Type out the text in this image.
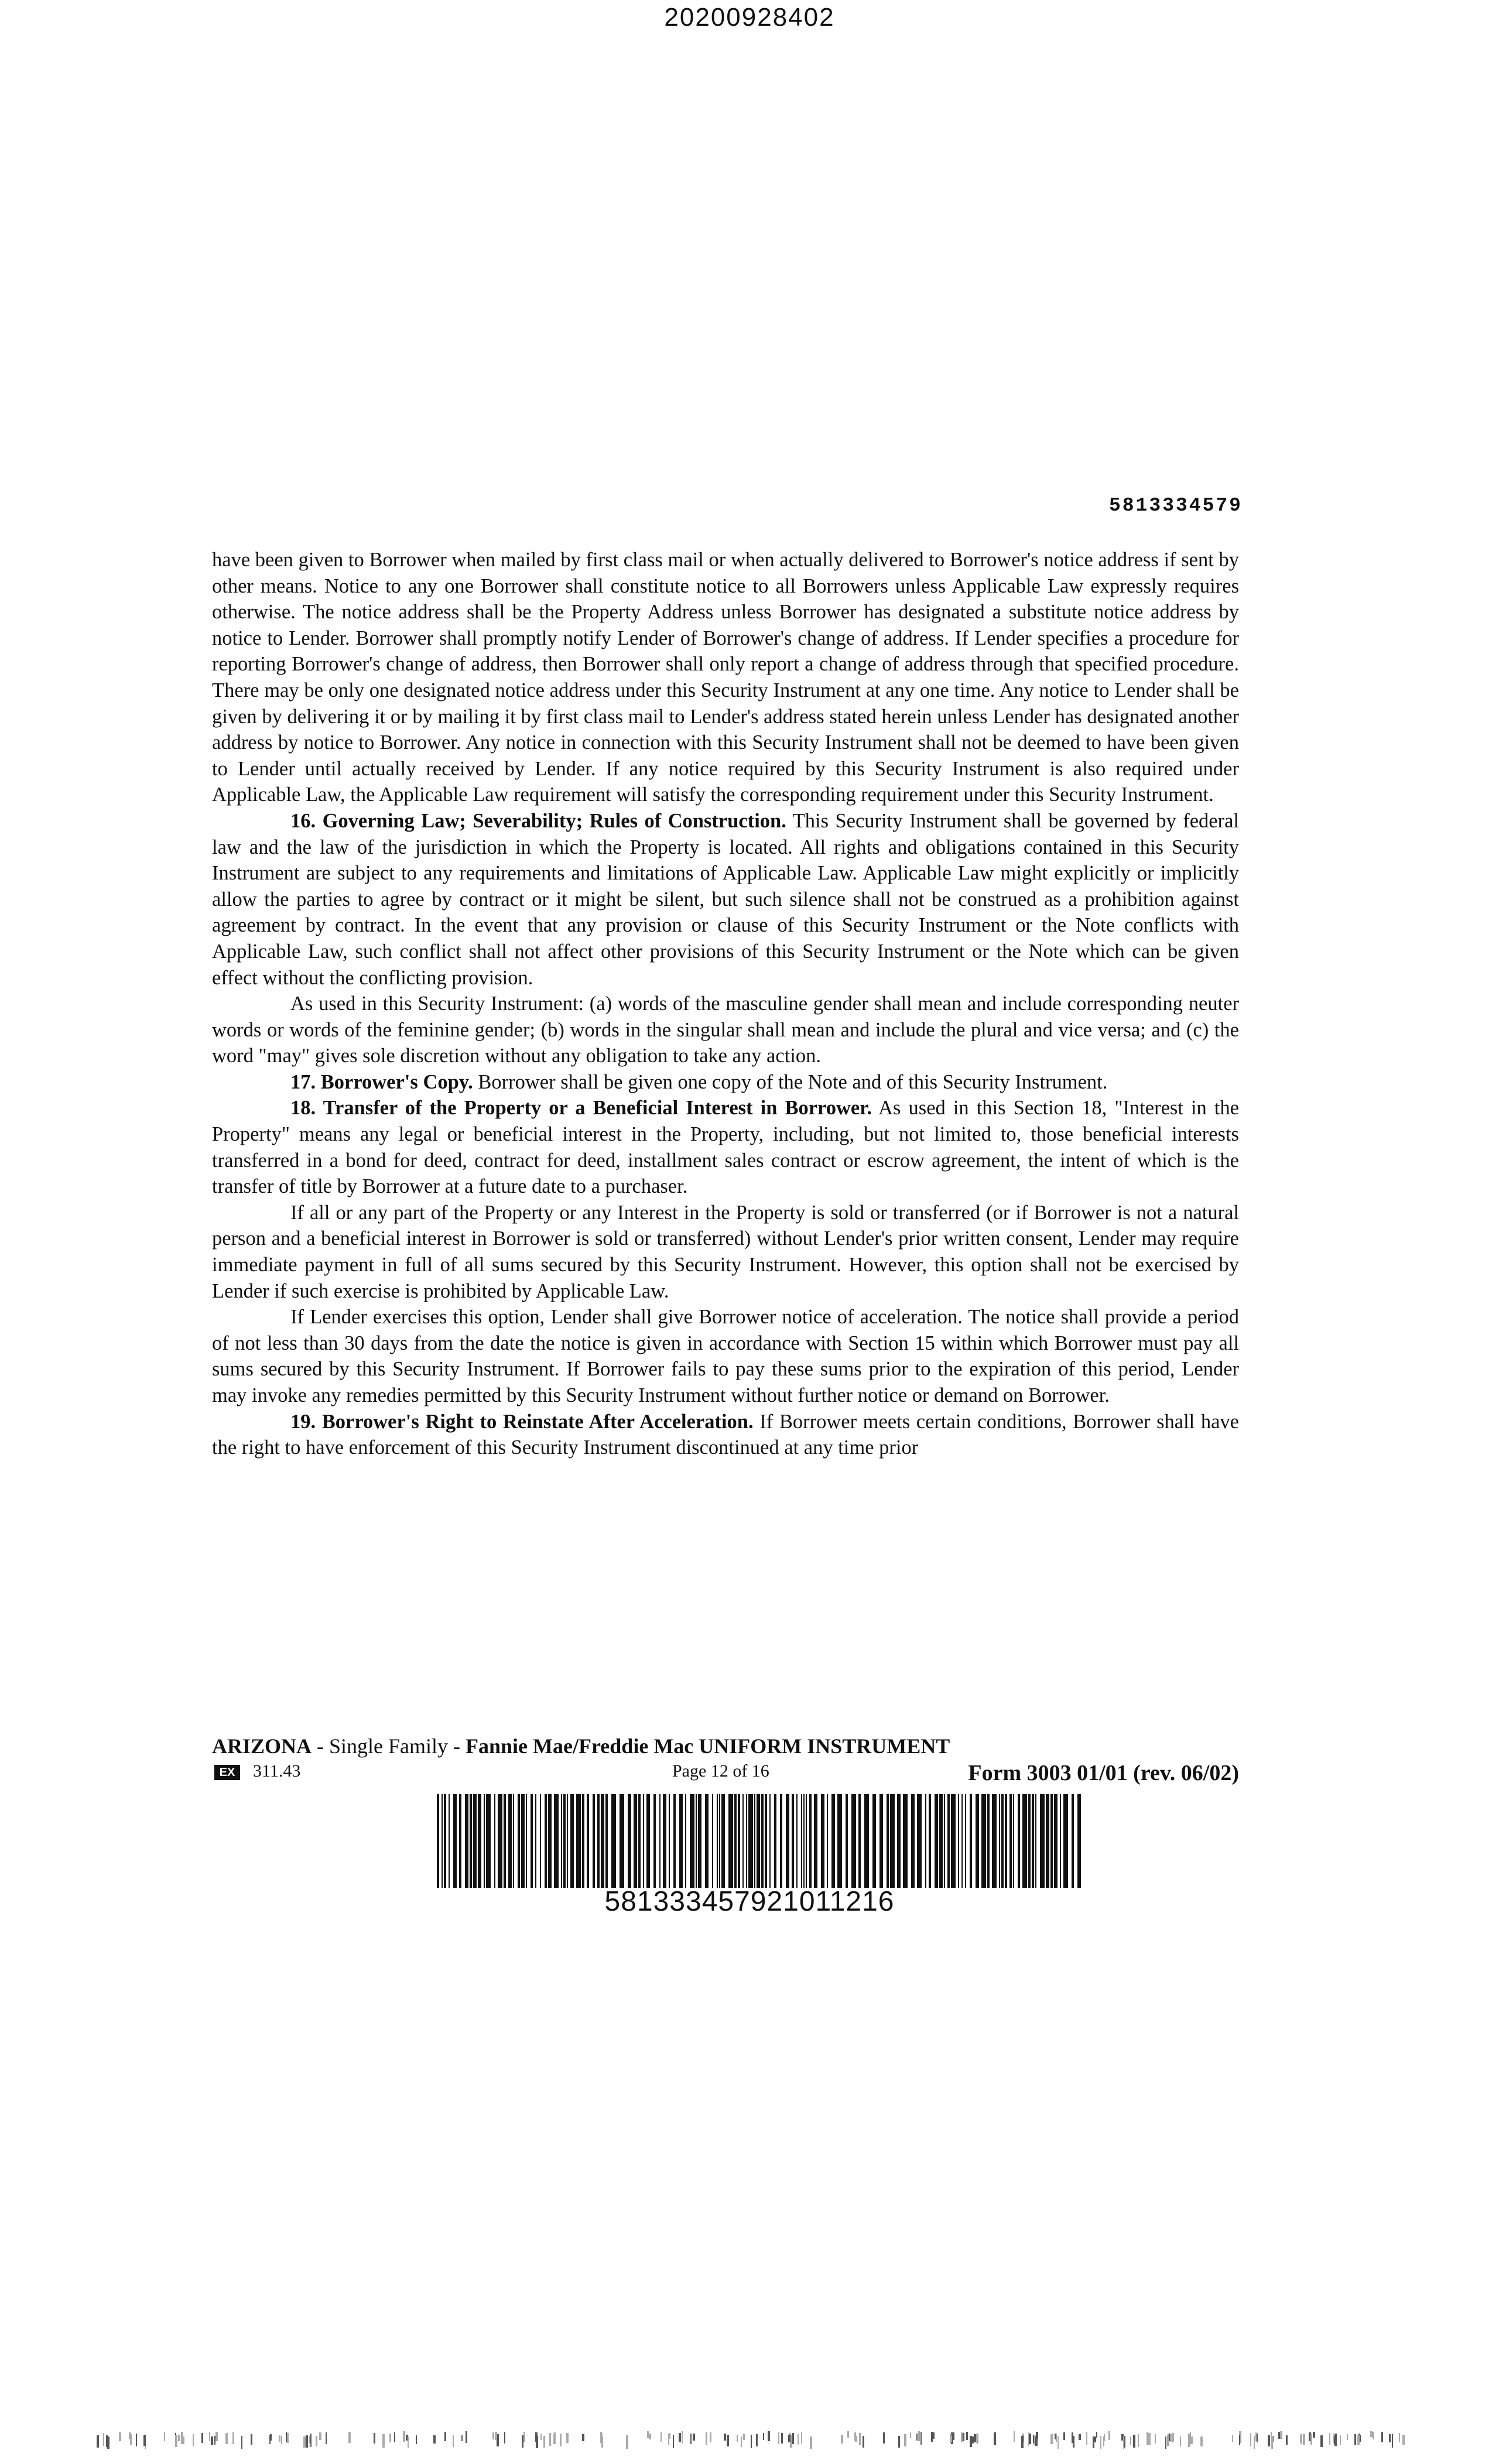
20200928402
5813334579

have been given to Borrower when mailed by first class mail or when actually delivered to Borrower's notice address if sent by other means. Notice to any one Borrower shall constitute notice to all Borrowers unless Applicable Law expressly requires otherwise. The notice address shall be the Property Address unless Borrower has designated a substitute notice address by notice to Lender. Borrower shall promptly notify Lender of Borrower's change of address. If Lender specifies a procedure for reporting Borrower's change of address, then Borrower shall only report a change of address through that specified procedure. There may be only one designated notice address under this Security Instrument at any one time. Any notice to Lender shall be given by delivering it or by mailing it by first class mail to Lender's address stated herein unless Lender has designated another address by notice to Borrower. Any notice in connection with this Security Instrument shall not be deemed to have been given to Lender until actually received by Lender. If any notice required by this Security Instrument is also required under Applicable Law, the Applicable Law requirement will satisfy the corresponding requirement under this Security Instrument.

16. Governing Law; Severability; Rules of Construction. This Security Instrument shall be governed by federal law and the law of the jurisdiction in which the Property is located. All rights and obligations contained in this Security Instrument are subject to any requirements and limitations of Applicable Law. Applicable Law might explicitly or implicitly allow the parties to agree by contract or it might be silent, but such silence shall not be construed as a prohibition against agreement by contract. In the event that any provision or clause of this Security Instrument or the Note conflicts with Applicable Law, such conflict shall not affect other provisions of this Security Instrument or the Note which can be given effect without the conflicting provision.

As used in this Security Instrument: (a) words of the masculine gender shall mean and include corresponding neuter words or words of the feminine gender; (b) words in the singular shall mean and include the plural and vice versa; and (c) the word "may" gives sole discretion without any obligation to take any action.

17. Borrower's Copy. Borrower shall be given one copy of the Note and of this Security Instrument.

18. Transfer of the Property or a Beneficial Interest in Borrower. As used in this Section 18, "Interest in the Property" means any legal or beneficial interest in the Property, including, but not limited to, those beneficial interests transferred in a bond for deed, contract for deed, installment sales contract or escrow agreement, the intent of which is the transfer of title by Borrower at a future date to a purchaser.

If all or any part of the Property or any Interest in the Property is sold or transferred (or if Borrower is not a natural person and a beneficial interest in Borrower is sold or transferred) without Lender's prior written consent, Lender may require immediate payment in full of all sums secured by this Security Instrument. However, this option shall not be exercised by Lender if such exercise is prohibited by Applicable Law.

If Lender exercises this option, Lender shall give Borrower notice of acceleration. The notice shall provide a period of not less than 30 days from the date the notice is given in accordance with Section 15 within which Borrower must pay all sums secured by this Security Instrument. If Borrower fails to pay these sums prior to the expiration of this period, Lender may invoke any remedies permitted by this Security Instrument without further notice or demand on Borrower.

19. Borrower's Right to Reinstate After Acceleration. If Borrower meets certain conditions, Borrower shall have the right to have enforcement of this Security Instrument discontinued at any time prior

ARIZONA - Single Family - Fannie Mae/Freddie Mac UNIFORM INSTRUMENT
EX 311.43	Page 12 of 16	Form 3003 01/01 (rev. 06/02)
581333457921011216
